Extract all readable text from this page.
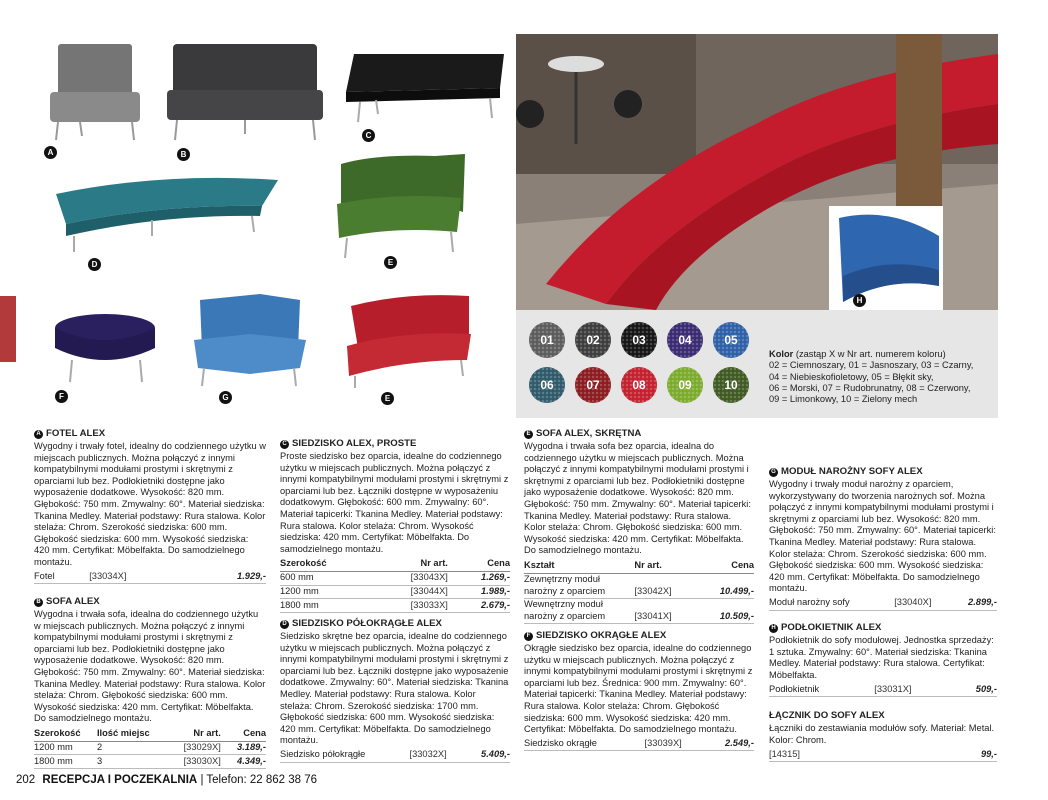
A	B
C
D	E
F	G	E
H
01	02	03	04	05
06	07	08	09	10
Kolor (zastąp X w Nr art. numerem koloru)
02 = Ciemnoszary, 01 = Jasnoszary, 03 = Czarny,
04 = Niebieskofioletowy, 05 = Błękit sky,
06 = Morski, 07 = Rudobrunatny, 08 = Czerwony,
09 = Limonkowy, 10 = Zielony mech
A FOTEL ALEX

Wygodny i trwały fotel, idealny do codziennego użytku w miejscach publicznych. Można połączyć z innymi kompatybilnymi modułami prostymi i skrętnymi z oparciami lub bez. Podłokietniki dostępne jako wyposażenie dodatkowe. Wysokość: 820 mm. Głębokość: 750 mm. Zmywalny: 60°. Materiał siedziska: Tkanina Medley. Materiał podstawy: Rura stalowa. Kolor stelaża: Chrom. Szerokość siedziska: 600 mm. Głębokość siedziska: 600 mm. Wysokość siedziska: 420 mm. Certyfikat: Möbelfakta. Do samodzielnego montażu.

Fotel	[33034X]	1.929,-
B SOFA ALEX

Wygodna i trwała sofa, idealna do codziennego użytku w miejscach publicznych. Można połączyć z innymi kompatybilnymi modułami prostymi i skrętnymi z oparciami lub bez. Podłokietniki dostępne jako wyposażenie dodatkowe. Wysokość: 820 mm. Głębokość: 750 mm. Zmywalny: 60°. Materiał siedziska: Tkanina Medley. Materiał podstawy: Rura stalowa. Kolor stelaża: Chrom. Głębokość siedziska: 600 mm. Wysokość siedziska: 420 mm. Certyfikat: Möbelfakta. Do samodzielnego montażu.

Szerokość	Ilość miejsc	Nr art.	Cena
1200 mm	2	[33029X]	3.189,-
1800 mm	3	[33030X]	4.349,-
C SIEDZISKO ALEX, PROSTE

Proste siedzisko bez oparcia, idealne do codziennego użytku w miejscach publicznych. Można połączyć z innymi kompatybilnymi modułami prostymi i skrętnymi z oparciami lub bez. Łączniki dostępne w wyposażeniu dodatkowym. Głębokość: 600 mm. Zmywalny: 60°. Materiał tapicerki: Tkanina Medley. Materiał podstawy: Rura stalowa. Kolor stelaża: Chrom. Wysokość siedziska: 420 mm. Certyfikat: Möbelfakta. Do samodzielnego montażu.

Szerokość	Nr art.	Cena
600 mm	[33043X]	1.269,-
1200 mm	[33044X]	1.989,-
1800 mm	[33033X]	2.679,-
D SIEDZISKO PÓŁOKRĄGŁE ALEX

Siedzisko skrętne bez oparcia, idealne do codziennego użytku w miejscach publicznych. Można połączyć z innymi kompatybilnymi modułami prostymi i skrętnymi z oparciami lub bez. Łączniki dostępne jako wyposażenie dodatkowe. Zmywalny: 60°. Materiał siedziska: Tkanina Medley. Materiał podstawy: Rura stalowa. Kolor stelaża: Chrom. Szerokość siedziska: 1700 mm. Głębokość siedziska: 600 mm. Wysokość siedziska: 420 mm. Certyfikat: Möbelfakta. Do samodzielnego montażu.

Siedzisko półokrągłe	[33032X]	5.409,-
E SOFA ALEX, SKRĘTNA

Wygodna i trwała sofa bez oparcia, idealna do codziennego użytku w miejscach publicznych. Można połączyć z innymi kompatybilnymi modułami prostymi i skrętnymi z oparciami lub bez. Podłokietniki dostępne jako wyposażenie dodatkowe. Wysokość: 820 mm. Głębokość: 750 mm. Zmywalny: 60°. Materiał tapicerki: Tkanina Medley. Materiał podstawy: Rura stalowa. Kolor stelaża: Chrom. Głębokość siedziska: 600 mm. Wysokość siedziska: 420 mm. Certyfikat: Möbelfakta. Do samodzielnego montażu.

Kształt	Nr art.	Cena
Zewnętrzny moduł narożny z oparciem	[33042X]	10.499,-
Wewnętrzny moduł narożny z oparciem	[33041X]	10.509,-
F SIEDZISKO OKRĄGŁE ALEX

Okrągłe siedzisko bez oparcia, idealne do codziennego użytku w miejscach publicznych. Można połączyć z innymi kompatybilnymi modułami prostymi i skrętnymi z oparciami lub bez. Średnica: 900 mm. Zmywalny: 60°. Materiał tapicerki: Tkanina Medley. Materiał podstawy: Rura stalowa. Kolor stelaża: Chrom. Głębokość siedziska: 600 mm. Wysokość siedziska: 420 mm. Certyfikat: Möbelfakta. Do samodzielnego montażu.

Siedzisko okrągłe	[33039X]	2.549,-
G MODUŁ NAROŻNY SOFY ALEX

Wygodny i trwały moduł narożny z oparciem, wykorzystywany do tworzenia narożnych sof. Można połączyć z innymi kompatybilnymi modułami prostymi i skrętnymi z oparciami lub bez. Wysokość: 820 mm. Głębokość: 750 mm. Zmywalny: 60°. Materiał tapicerki: Tkanina Medley. Materiał podstawy: Rura stalowa. Kolor stelaża: Chrom. Szerokość siedziska: 600 mm. Głębokość siedziska: 600 mm. Wysokość siedziska: 420 mm. Certyfikat: Möbelfakta. Do samodzielnego montażu.

Moduł narożny sofy	[33040X]	2.899,-
H PODŁOKIETNIK ALEX

Podłokietnik do sofy modułowej. Jednostka sprzedaży: 1 sztuka. Zmywalny: 60°. Materiał siedziska: Tkanina Medley. Materiał podstawy: Rura stalowa. Certyfikat: Möbelfakta.

Podłokietnik	[33031X]	509,-
ŁĄCZNIK DO SOFY ALEX

Łączniki do zestawiania modułów sofy. Materiał: Metal. Kolor: Chrom.

[14315]		99,-
202 RECEPCJA I POCZEKALNIA | Telefon: 22 862 38 76
